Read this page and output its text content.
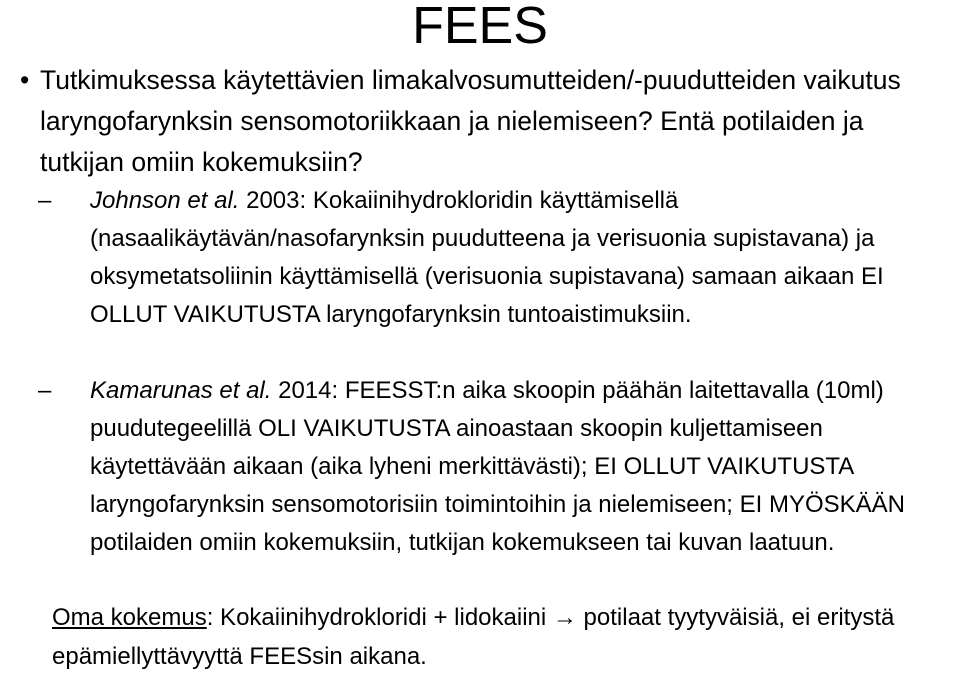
FEES
• Tutkimuksessa käytettävien limakalvosumutteiden/-puudutteiden vaikutus laryngofarynksin sensomotoriikkaan ja nielemiseen? Entä potilaiden ja tutkijan omiin kokemuksiin?
–	Johnson et al. 2003: Kokaiinihydrokloridin käyttämisellä (nasaalikäytävän/nasofarynksin puudutteena ja verisuonia supistavana) ja oksymetatsoliinin käyttämisellä (verisuonia supistavana) samaan aikaan EI OLLUT VAIKUTUSTA laryngofarynksin tuntoaistimuksiin.
–	Kamarunas et al. 2014: FEESST:n aika skoopin päähän laitettavalla (10ml) puudutegeelillä OLI VAIKUTUSTA ainoastaan skoopin kuljettamiseen käytettävään aikaan (aika lyheni merkittävästi); EI OLLUT VAIKUTUSTA laryngofarynksin sensomotorisiin toimintoihin ja nielemiseen; EI MYÖSKÄÄN potilaiden omiin kokemuksiin, tutkijan kokemukseen tai kuvan laatuun.
Oma kokemus: Kokaiinihydrokloridi + lidokaiini → potilaat tyytyväisiä, ei eritystä epämiellyttävyyttä FEESsin aikana.
